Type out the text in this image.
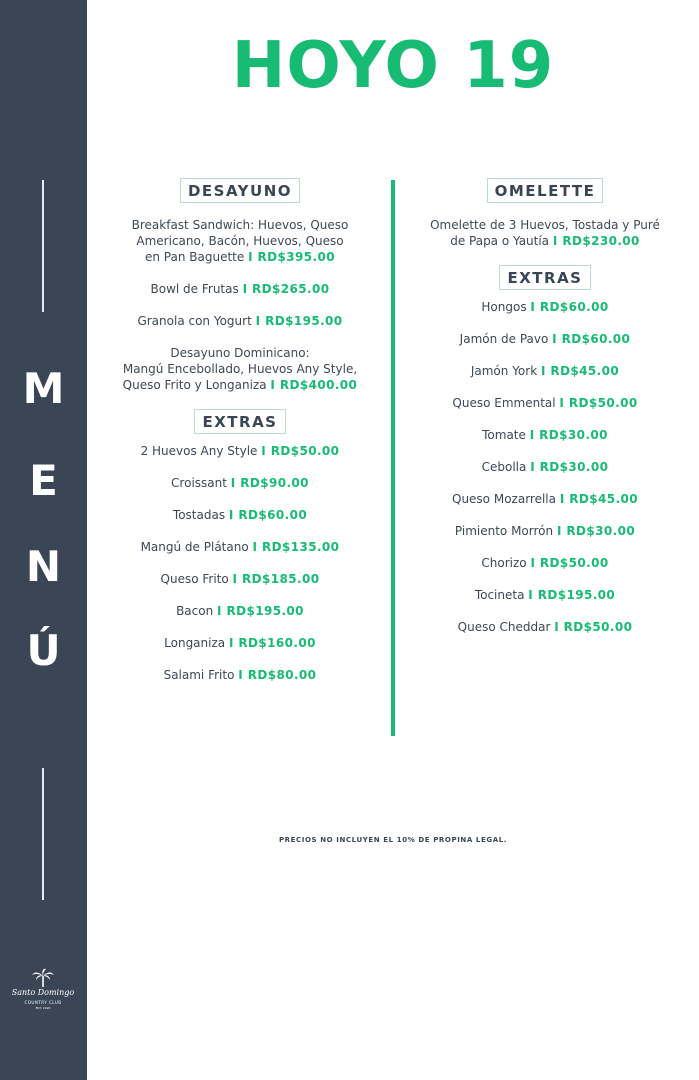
M
E
N
Ú
Santo Domingo
COUNTRY CLUB
EST. 1920
HOYO 19
DESAYUNO
Breakfast Sandwich: Huevos, Queso
Americano, Bacón, Huevos, Queso
en Pan Baguette I RD$395.00
Bowl de Frutas I RD$265.00
Granola con Yogurt I RD$195.00
Desayuno Dominicano:
Mangú Encebollado, Huevos Any Style,
Queso Frito y Longaniza I RD$400.00
EXTRAS
2 Huevos Any Style I RD$50.00
Croissant I RD$90.00
Tostadas I RD$60.00
Mangú de Plátano I RD$135.00
Queso Frito I RD$185.00
Bacon I RD$195.00
Longaniza I RD$160.00
Salami Frito I RD$80.00
OMELETTE
Omelette de 3 Huevos, Tostada y Puré
de Papa o Yautía I RD$230.00
EXTRAS
Hongos I RD$60.00
Jamón de Pavo I RD$60.00
Jamón York I RD$45.00
Queso Emmental I RD$50.00
Tomate I RD$30.00
Cebolla I RD$30.00
Queso Mozarrella I RD$45.00
Pimiento Morrón I RD$30.00
Chorizo I RD$50.00
Tocineta I RD$195.00
Queso Cheddar I RD$50.00
PRECIOS NO INCLUYEN EL 10% DE PROPINA LEGAL.
